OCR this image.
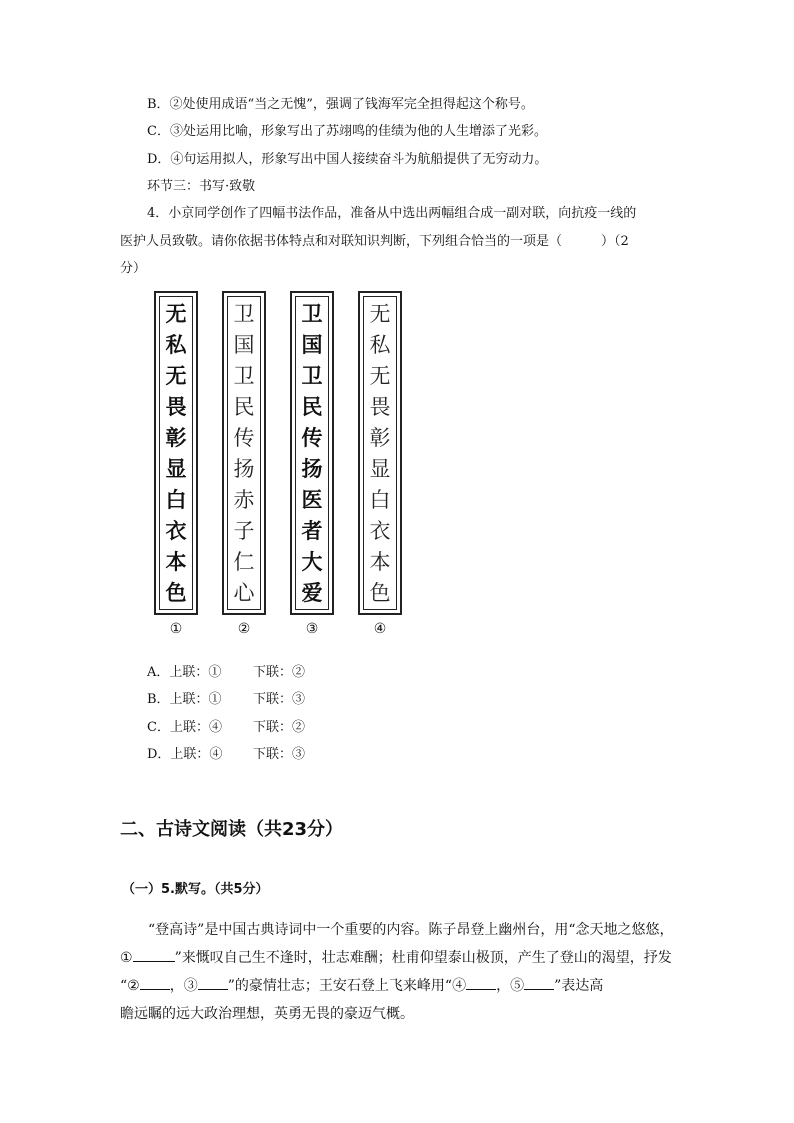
B．②处使用成语“当之无愧”，强调了钱海军完全担得起这个称号。
C．③处运用比喻，形象写出了苏翊鸣的佳绩为他的人生增添了光彩。
D．④句运用拟人，形象写出中国人接续奋斗为航船提供了无穷动力。
环节三：书写·致敬
4．小京同学创作了四幅书法作品，准备从中选出两幅组合成一副对联，向抗疫一线的
医护人员致敬。请你依据书体特点和对联知识判断，下列组合恰当的一项是（　　　）（2
分）
无
私
无
畏
彰
显
白
衣
本
色
卫
国
卫
民
传
扬
赤
子
仁
心
卫
国
卫
民
传
扬
医
者
大
爱
无
私
无
畏
彰
显
白
衣
本
色
①	②	③	④
A．上联：① 下联：②
B．上联：① 下联：③
C．上联：④ 下联：②
D．上联：④ 下联：③
二、古诗文阅读（共23分）
（一）5.默写。（共5分）
“登高诗”是中国古典诗词中一个重要的内容。陈子昂登上幽州台，用“念天地之悠悠，

①	”来慨叹自己生不逢时，壮志难酬；杜甫仰望泰山极顶，产生了登山的渴望，抒发
“② ，③ ”的豪情壮志；王安石登上飞来峰用“④ ，⑤ ”表达高
瞻远瞩的远大政治理想，英勇无畏的豪迈气概。
